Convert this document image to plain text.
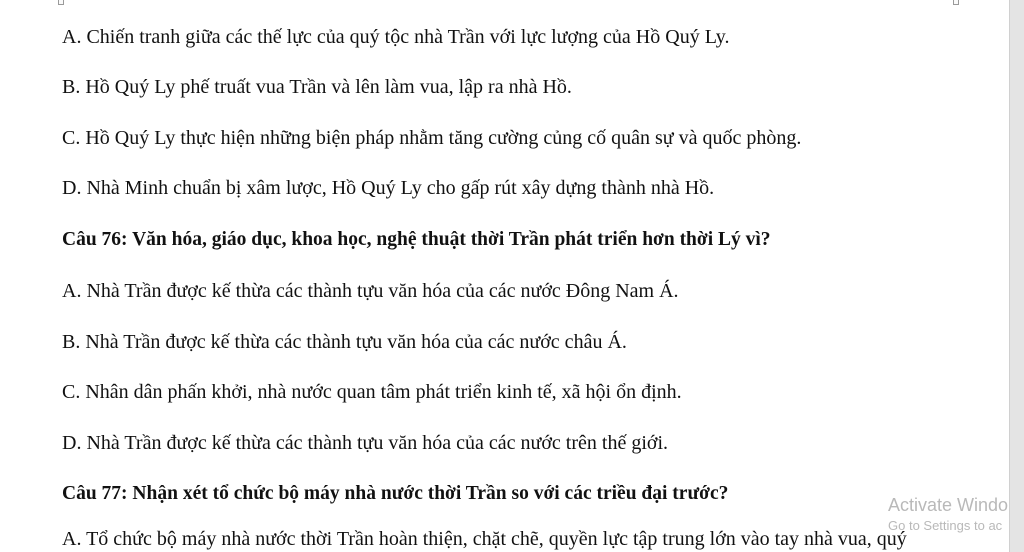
A. Chiến tranh giữa các thế lực của quý tộc nhà Trần với lực lượng của Hồ Quý Ly.

B. Hồ Quý Ly phế truất vua Trần và lên làm vua, lập ra nhà Hồ.

C. Hồ Quý Ly thực hiện những biện pháp nhằm tăng cường củng cố quân sự và quốc phòng.

D. Nhà Minh chuẩn bị xâm lược, Hồ Quý Ly cho gấp rút xây dựng thành nhà Hồ.

Câu 76: Văn hóa, giáo dục, khoa học, nghệ thuật thời Trần phát triển hơn thời Lý vì?

A. Nhà Trần được kế thừa các thành tựu văn hóa của các nước Đông Nam Á.

B. Nhà Trần được kế thừa các thành tựu văn hóa của các nước châu Á.

C. Nhân dân phấn khởi, nhà nước quan tâm phát triển kinh tế, xã hội ổn định.

D. Nhà Trần được kế thừa các thành tựu văn hóa của các nước trên thế giới.

Câu 77: Nhận xét tổ chức bộ máy nhà nước thời Trần so với các triều đại trước?

A. Tổ chức bộ máy nhà nước thời Trần hoàn thiện, chặt chẽ, quyền lực tập trung lớn vào tay nhà vua, quý

Activate Windo
Go to Settings to ac
